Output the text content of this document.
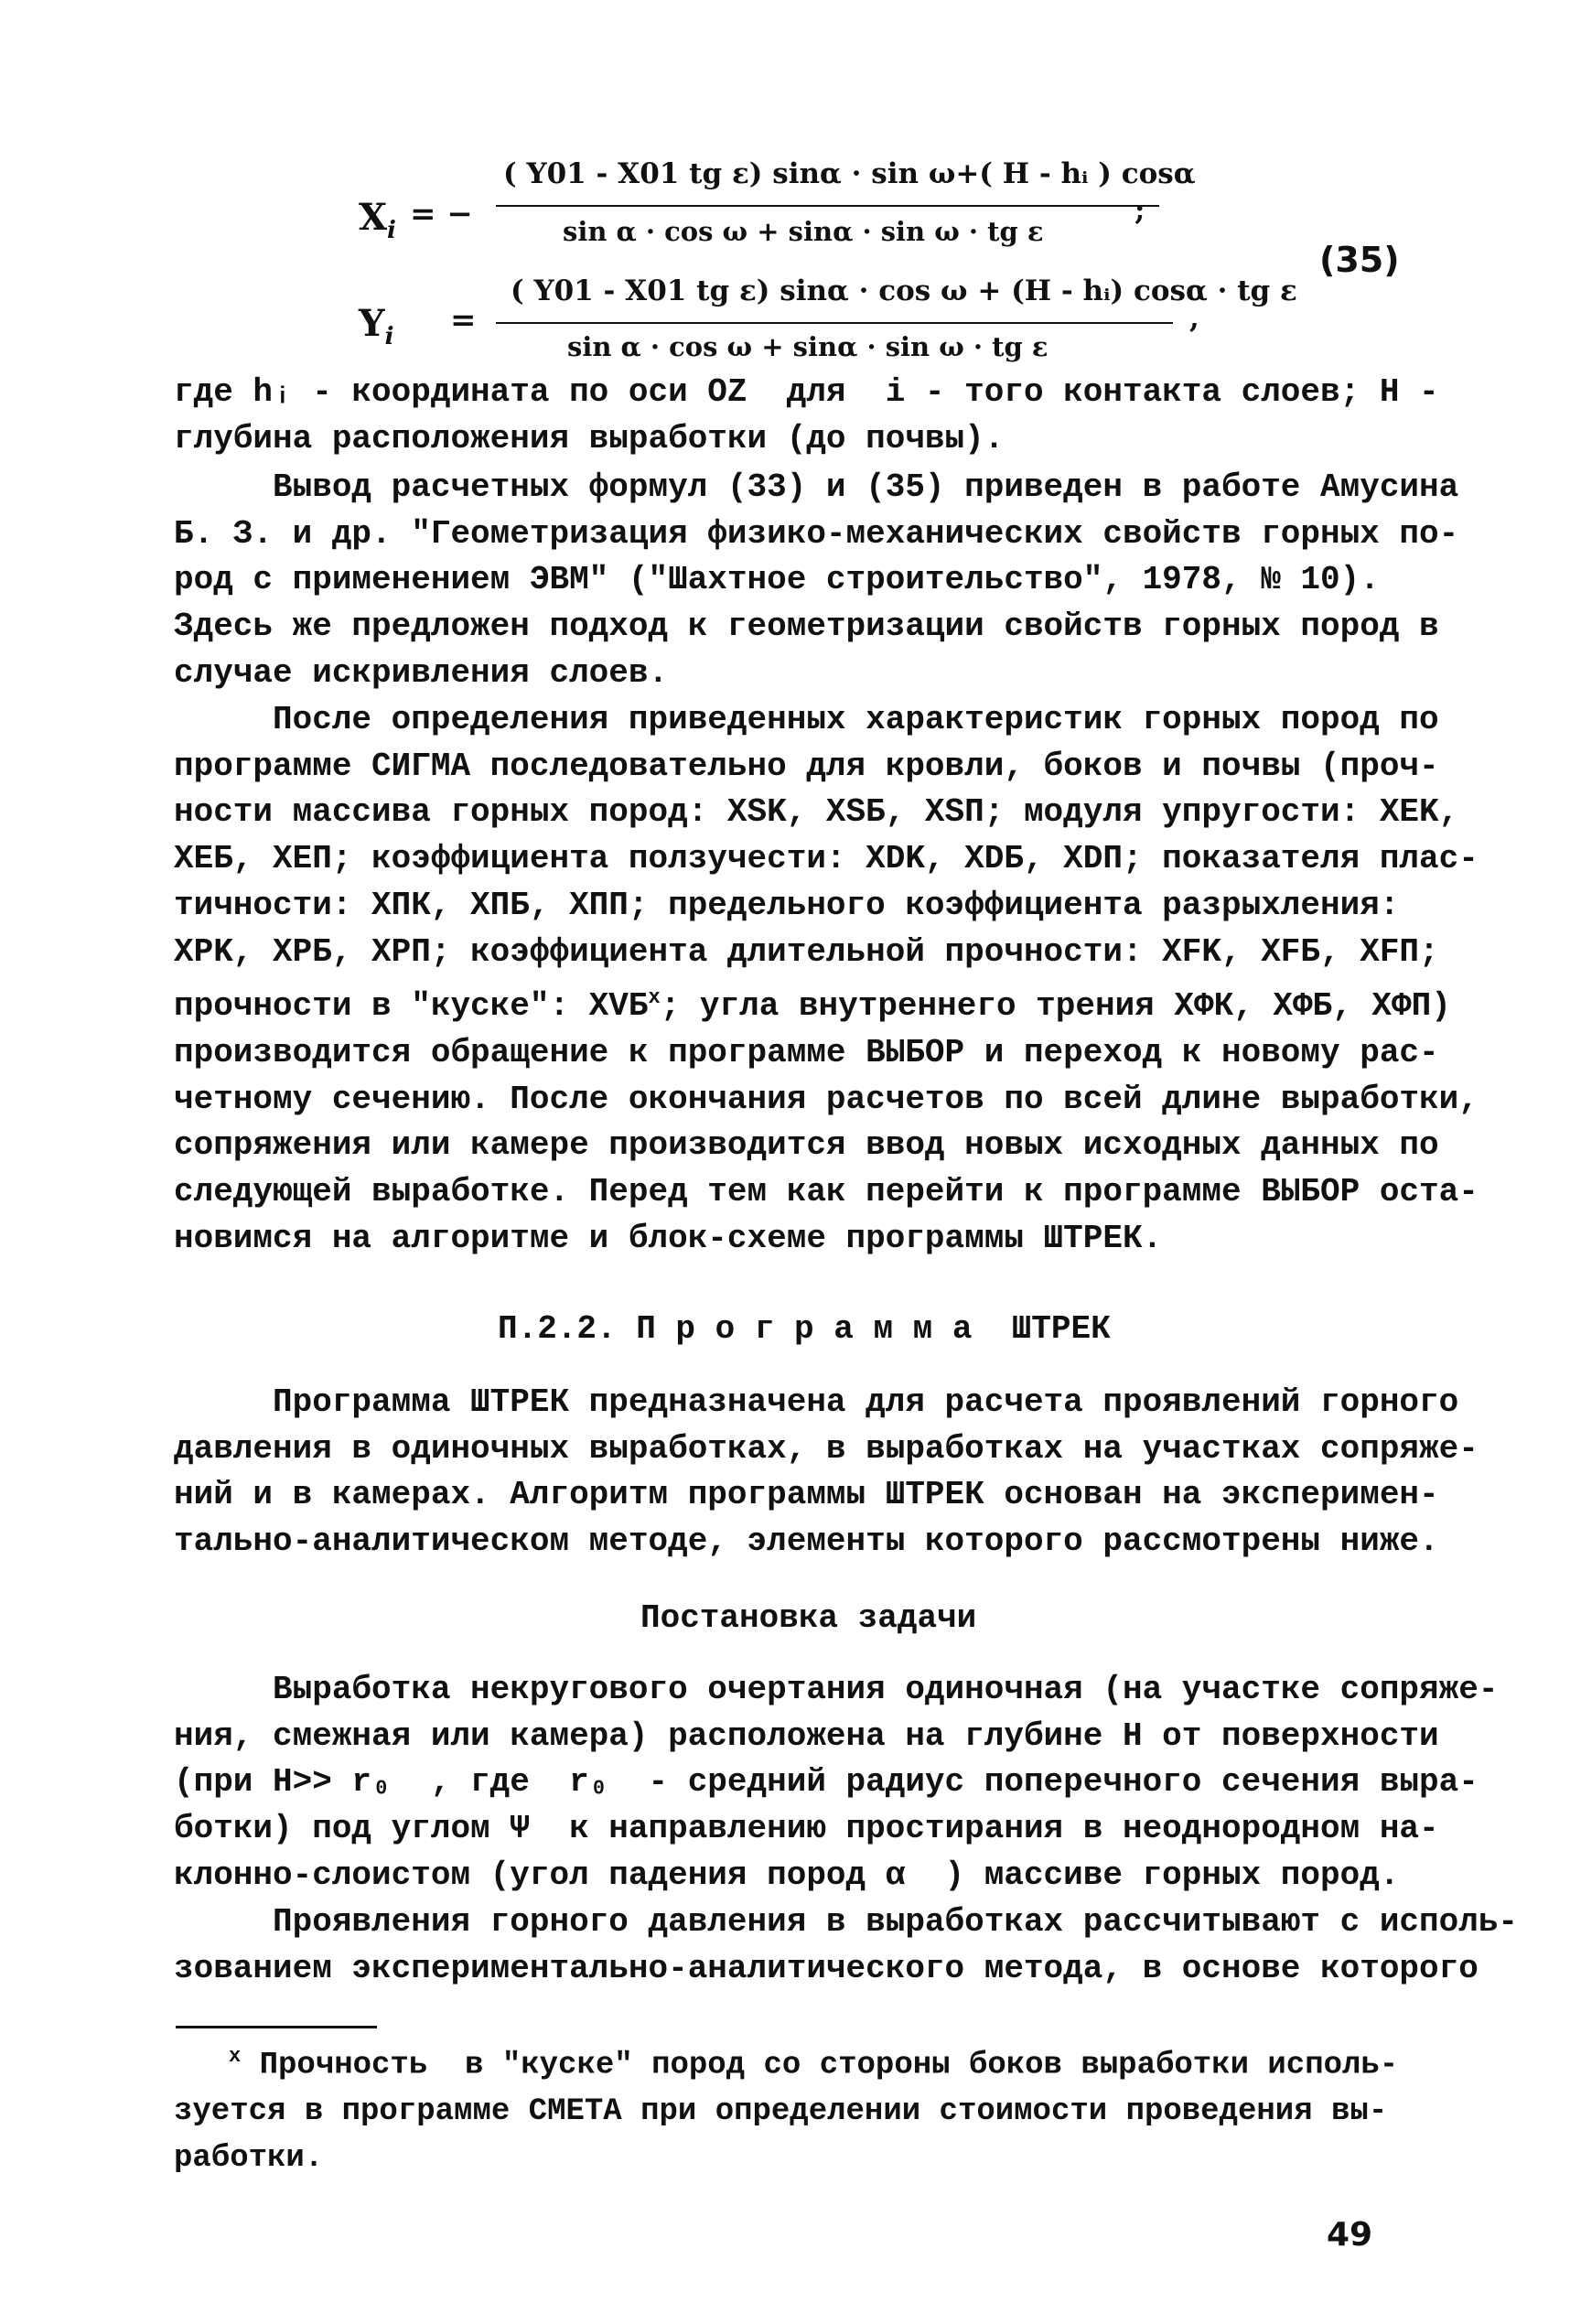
$X_i$ = −
( Y01 - X01 tg ε) sinα · sin ω+( H - hᵢ ) cosα
sin α · cos ω + sinα · sin ω · tg ε
;
(35)
$Y_i$ =
( Y01 - X01 tg ε) sinα · cos ω + (H - hᵢ) cosα · tg ε
sin α · cos ω + sinα · sin ω · tg ε
,
где hᵢ - координата по оси OZ  для  i - того контакта слоев; H -
глубина расположения выработки (до почвы).
Вывод расчетных формул (33) и (35) приведен в работе Амусина
Б. З. и др. "Геометризация физико-механических свойств горных по-
род с применением ЭВМ" ("Шахтное строительство", 1978, № 10).
Здесь же предложен подход к геометризации свойств горных пород в
случае искривления слоев.
После определения приведенных характеристик горных пород по
программе СИГМА последовательно для кровли, боков и почвы (проч-
ности массива горных пород: XSK, XSБ, XSП; модуля упругости: XEK,
XEБ, XEП; коэффициента ползучести: XDK, XDБ, XDП; показателя плас-
тичности: XПК, XПБ, XПП; предельного коэффициента разрыхления:
XPK, XPБ, XPП; коэффициента длительной прочности: XFK, XFБ, XFП;
прочности в "куске": XVБ$^x$; угла внутреннего трения XФК, XФБ, XФП)
производится обращение к программе ВЫБОР и переход к новому рас-
четному сечению. После окончания расчетов по всей длине выработки,
сопряжения или камере производится ввод новых исходных данных по
следующей выработке. Перед тем как перейти к программе ВЫБОР оста-
новимся на алгоритме и блок-схеме программы ШТРЕК.
П.2.2. П р о г р а м м а  ШТРЕК
Программа ШТРЕК предназначена для расчета проявлений горного
давления в одиночных выработках, в выработках на участках сопряже-
ний и в камерах. Алгоритм программы ШТРЕК основан на эксперимен-
тально-аналитическом методе, элементы которого рассмотрены ниже.
Постановка задачи
Выработка некругового очертания одиночная (на участке сопряже-
ния, смежная или камера) расположена на глубине H от поверхности
(при H>> r₀  , где  r₀  - средний радиус поперечного сечения выра-
ботки) под углом Ψ  к направлению простирания в неоднородном на-
клонно-слоистом (угол падения пород α  ) массиве горных пород.
Проявления горного давления в выработках рассчитывают с исполь-
зованием экспериментально-аналитического метода, в основе которого
$^x$ Прочность  в "куске" пород со стороны боков выработки исполь-
зуется в программе СМЕТА при определении стоимости проведения вы-
работки.
49
